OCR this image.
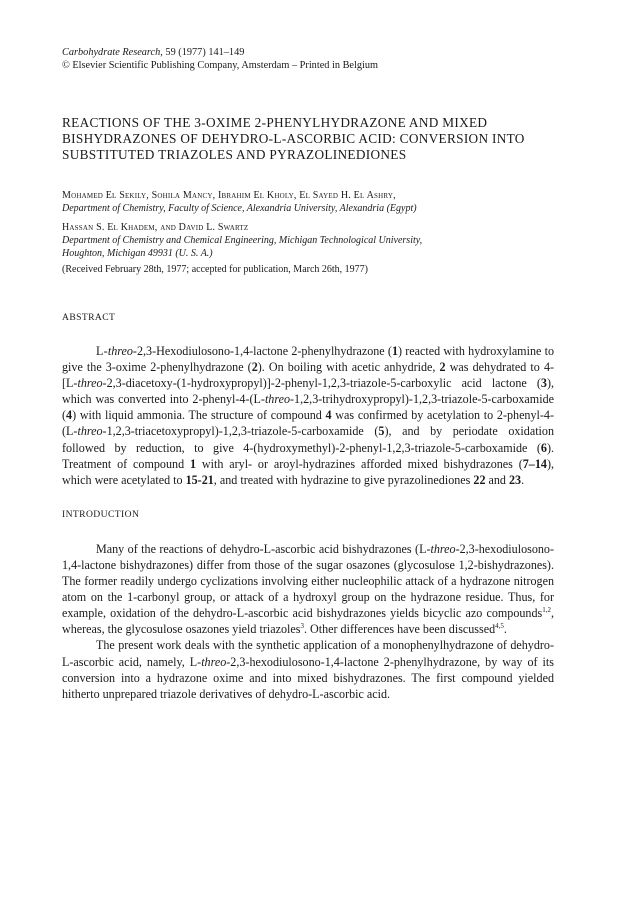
Carbohydrate Research, 59 (1977) 141–149
© Elsevier Scientific Publishing Company, Amsterdam – Printed in Belgium
REACTIONS OF THE 3-OXIME 2-PHENYLHYDRAZONE AND MIXED BISHYDRAZONES OF DEHYDRO-L-ASCORBIC ACID: CONVERSION INTO SUBSTITUTED TRIAZOLES AND PYRAZOLINEDIONES
Mohamed El Sekily, Sohila Mancy, Ibrahim El Kholy, El Sayed H. El Ashry,
Department of Chemistry, Faculty of Science, Alexandria University, Alexandria (Egypt)
Hassan S. El Khadem, and David L. Swartz
Department of Chemistry and Chemical Engineering, Michigan Technological University,
Houghton, Michigan 49931 (U. S. A.)
(Received February 28th, 1977; accepted for publication, March 26th, 1977)
ABSTRACT

L-threo-2,3-Hexodiulosono-1,4-lactone 2-phenylhydrazone (1) reacted with hydroxylamine to give the 3-oxime 2-phenylhydrazone (2). On boiling with acetic anhydride, 2 was dehydrated to 4-[L-threo-2,3-diacetoxy-(1-hydroxypropyl)]-2-phenyl-1,2,3-triazole-5-carboxylic acid lactone (3), which was converted into 2-phenyl-4-(L-threo-1,2,3-trihydroxypropyl)-1,2,3-triazole-5-carboxamide (4) with liquid ammonia. The structure of compound 4 was confirmed by acetylation to 2-phenyl-4-(L-threo-1,2,3-triacetoxypropyl)-1,2,3-triazole-5-carboxamide (5), and by periodate oxidation followed by reduction, to give 4-(hydroxymethyl)-2-phenyl-1,2,3-triazole-5-carboxamide (6). Treatment of compound 1 with aryl- or aroyl-hydrazines afforded mixed bishydrazones (7–14), which were acetylated to 15-21, and treated with hydrazine to give pyrazolinediones 22 and 23.

INTRODUCTION

Many of the reactions of dehydro-L-ascorbic acid bishydrazones (L-threo-2,3-hexodiulosono-1,4-lactone bishydrazones) differ from those of the sugar osazones (glycosulose 1,2-bishydrazones). The former readily undergo cyclizations involving either nucleophilic attack of a hydrazone nitrogen atom on the 1-carbonyl group, or attack of a hydroxyl group on the hydrazone residue. Thus, for example, oxidation of the dehydro-L-ascorbic acid bishydrazones yields bicyclic azo compounds$^{1,2}$, whereas, the glycosulose osazones yield triazoles$^3$. Other differences have been discussed$^{4,5}$.

The present work deals with the synthetic application of a monophenylhydrazone of dehydro-L-ascorbic acid, namely, L-threo-2,3-hexodiulosono-1,4-lactone 2-phenylhydrazone, by way of its conversion into a hydrazone oxime and into mixed bishydrazones. The first compound yielded hitherto unprepared triazole derivatives of dehydro-L-ascorbic acid.
